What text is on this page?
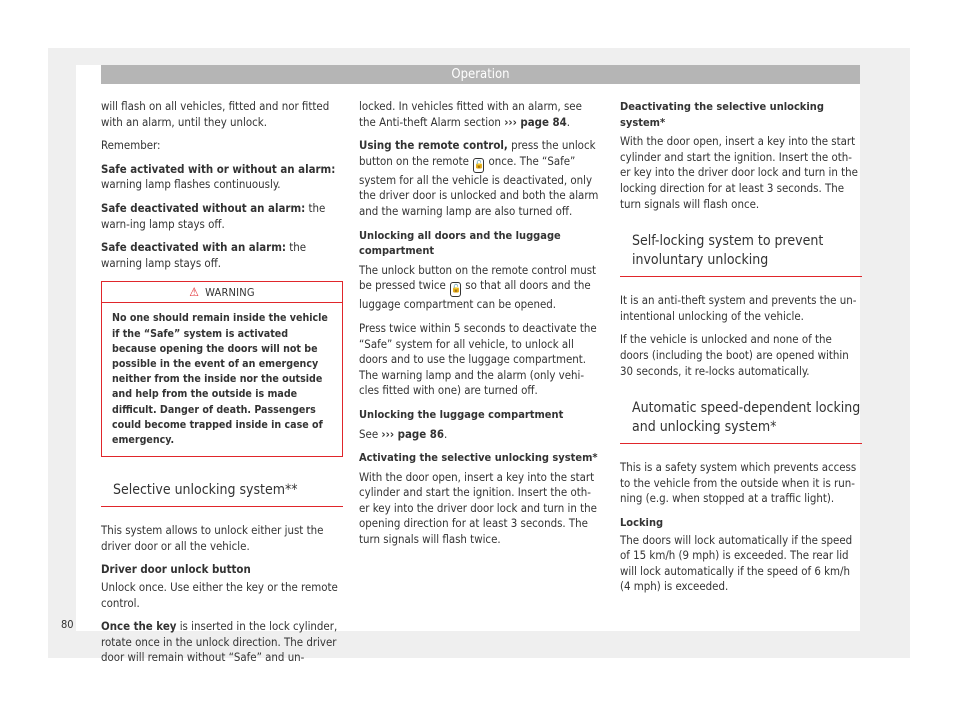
Operation

will flash on all vehicles, fitted and nor fitted with an alarm, until they unlock.

Remember:

Safe activated with or without an alarm: warning lamp flashes continuously.

Safe deactivated without an alarm: the warn-ing lamp stays off.

Safe deactivated with an alarm: the warning lamp stays off.

⚠ WARNING
No one should remain inside the vehicle if the “Safe” system is activated because opening the doors will not be possible in the event of an emergency neither from the inside nor the outside and help from the outside is made difficult. Danger of death. Passengers could become trapped inside in case of emergency.
Selective unlocking system**

This system allows to unlock either just the driver door or all the vehicle.

Driver door unlock button

Unlock once. Use either the key or the remote control.

Once the key is inserted in the lock cylinder, rotate once in the unlock direction. The driver door will remain without “Safe” and un-

locked. In vehicles fitted with an alarm, see the Anti-theft Alarm section ››› page 84.

Using the remote control, press the unlock button on the remote 🔓 once. The “Safe” system for all the vehicle is deactivated, only the driver door is unlocked and both the alarm and the warning lamp are also turned off.

Unlocking all doors and the luggage compartment

The unlock button on the remote control must be pressed twice 🔓 so that all doors and the luggage compartment can be opened.

Press twice within 5 seconds to deactivate the “Safe” system for all vehicle, to unlock all doors and to use the luggage compartment. The warning lamp and the alarm (only vehi-cles fitted with one) are turned off.

Unlocking the luggage compartment

See ››› page 86.

Activating the selective unlocking system*

With the door open, insert a key into the start cylinder and start the ignition. Insert the oth-er key into the driver door lock and turn in the opening direction for at least 3 seconds. The turn signals will flash twice.

Deactivating the selective unlocking system*

With the door open, insert a key into the start cylinder and start the ignition. Insert the oth-er key into the driver door lock and turn in the locking direction for at least 3 seconds. The turn signals will flash once.

Self-locking system to prevent involuntary unlocking

It is an anti-theft system and prevents the un-intentional unlocking of the vehicle.

If the vehicle is unlocked and none of the doors (including the boot) are opened within 30 seconds, it re-locks automatically.

Automatic speed-dependent locking and unlocking system*

This is a safety system which prevents access to the vehicle from the outside when it is run-ning (e.g. when stopped at a traffic light).

Locking

The doors will lock automatically if the speed of 15 km/h (9 mph) is exceeded. The rear lid will lock automatically if the speed of 6 km/h (4 mph) is exceeded.

80
